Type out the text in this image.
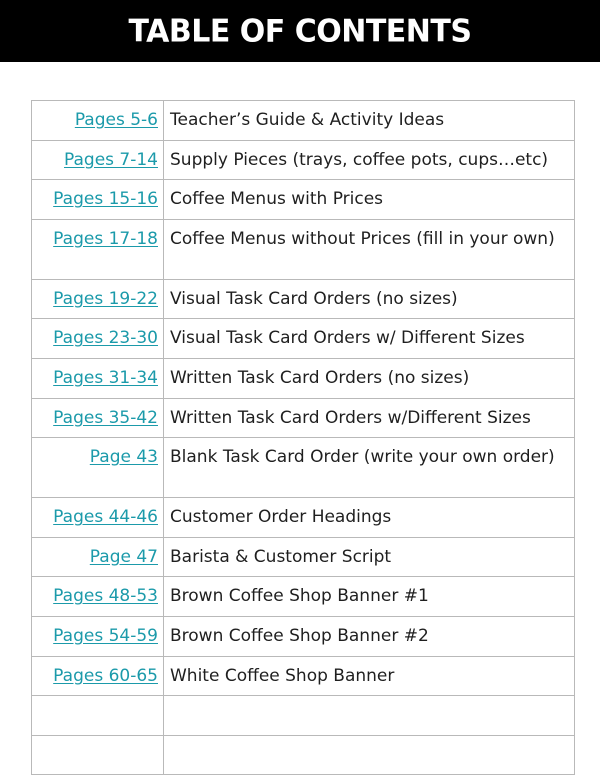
TABLE OF CONTENTS
Pages 5-6	Teacher’s Guide & Activity Ideas
Pages 7-14	Supply Pieces (trays, coffee pots, cups…etc)
Pages 15-16	Coffee Menus with Prices
Pages 17-18	Coffee Menus without Prices (fill in your own)
Pages 19-22	Visual Task Card Orders (no sizes)
Pages 23-30	Visual Task Card Orders w/ Different Sizes
Pages 31-34	Written Task Card Orders (no sizes)
Pages 35-42	Written Task Card Orders w/Different Sizes
Page 43	Blank Task Card Order (write your own order)
Pages 44-46	Customer Order Headings
Page 47	Barista & Customer Script
Pages 48-53	Brown Coffee Shop Banner #1
Pages 54-59	Brown Coffee Shop Banner #2
Pages 60-65	White Coffee Shop Banner
